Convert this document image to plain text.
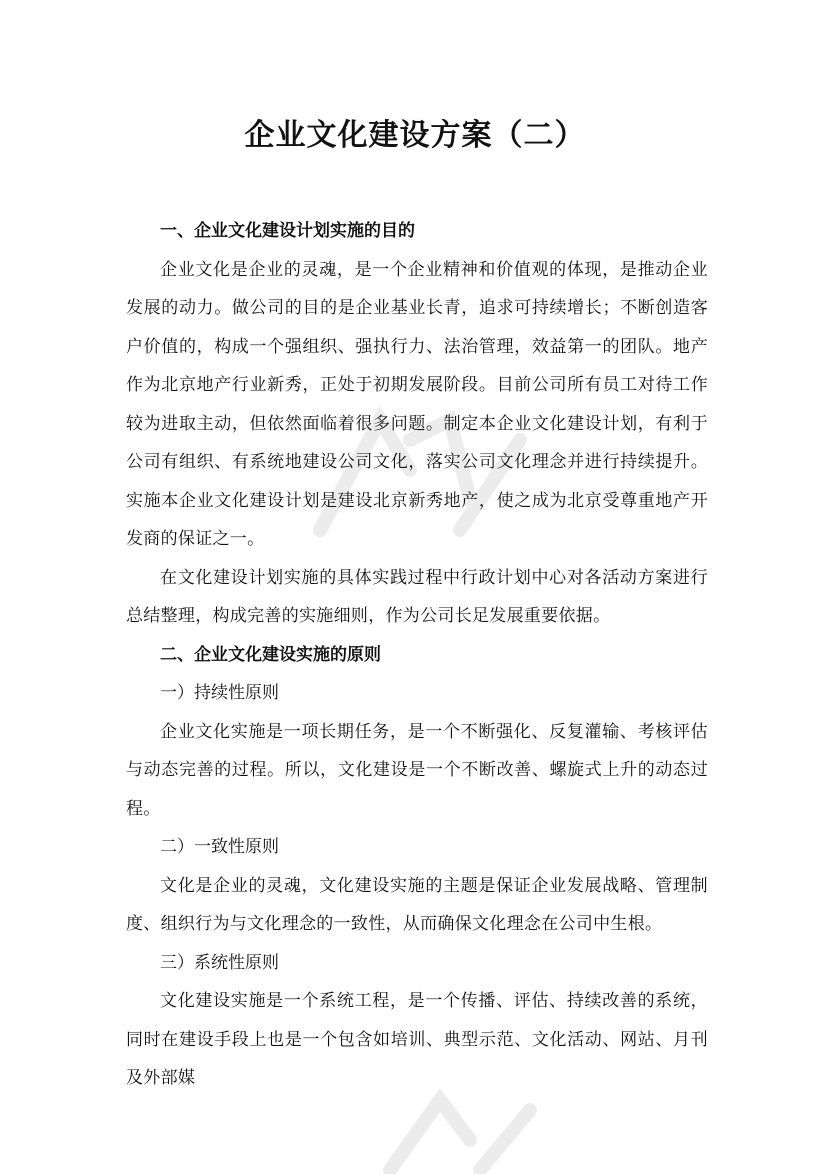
企业文化建设方案（二）

一、企业文化建设计划实施的目的

企业文化是企业的灵魂，是一个企业精神和价值观的体现，是推动企业发展的动力。做公司的目的是企业基业长青，追求可持续增长；不断创造客户价值的，构成一个强组织、强执行力、法治管理，效益第一的团队。地产作为北京地产行业新秀，正处于初期发展阶段。目前公司所有员工对待工作较为进取主动，但依然面临着很多问题。制定本企业文化建设计划，有利于公司有组织、有系统地建设公司文化，落实公司文化理念并进行持续提升。实施本企业文化建设计划是建设北京新秀地产，使之成为北京受尊重地产开发商的保证之一。

在文化建设计划实施的具体实践过程中行政计划中心对各活动方案进行总结整理，构成完善的实施细则，作为公司长足发展重要依据。

二、企业文化建设实施的原则

一）持续性原则

企业文化实施是一项长期任务，是一个不断强化、反复灌输、考核评估与动态完善的过程。所以，文化建设是一个不断改善、螺旋式上升的动态过程。

二）一致性原则

文化是企业的灵魂，文化建设实施的主题是保证企业发展战略、管理制度、组织行为与文化理念的一致性，从而确保文化理念在公司中生根。

三）系统性原则

文化建设实施是一个系统工程，是一个传播、评估、持续改善的系统，同时在建设手段上也是一个包含如培训、典型示范、文化活动、网站、月刊及外部媒
